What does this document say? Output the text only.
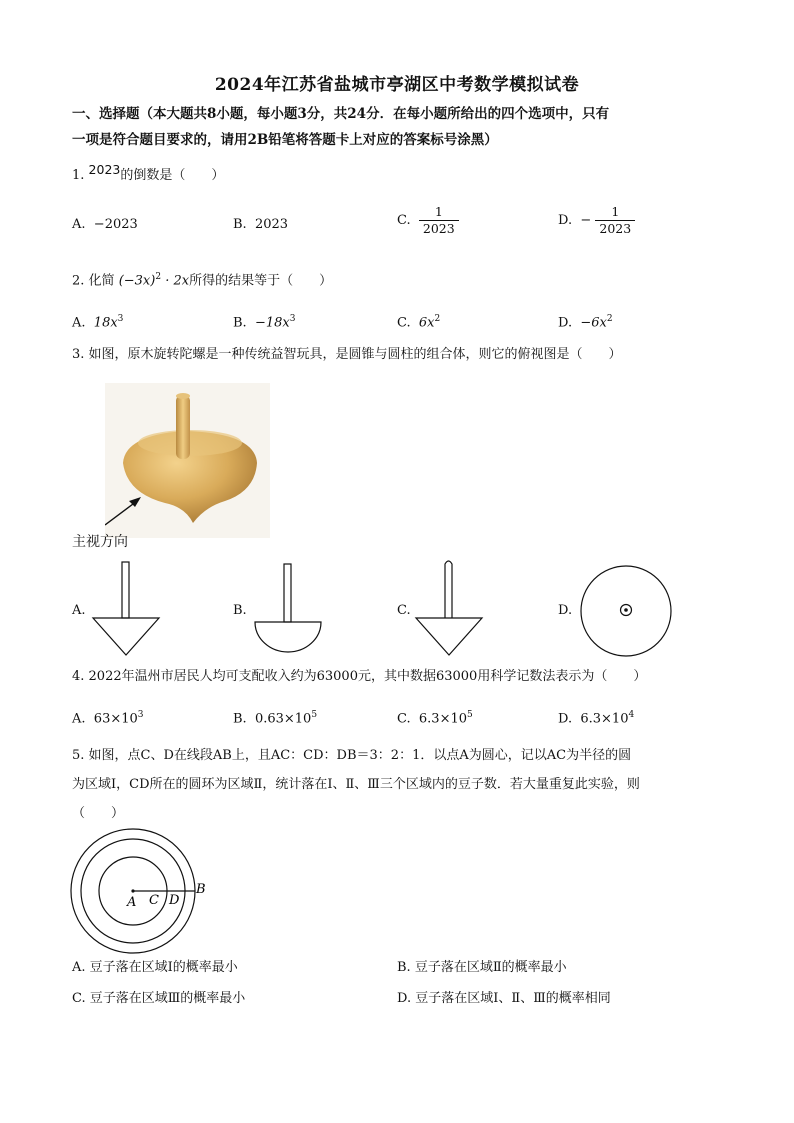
2024年江苏省盐城市亭湖区中考数学模拟试卷
一、选择题（本大题共8小题，每小题3分，共24分．在每小题所给出的四个选项中，只有
一项是符合题目要求的，请用2B铅笔将答题卡上对应的答案标号涂黑）
1. 2023的倒数是（　　）
A. −2023	B. 2023	C. $\frac{1}{2023}$	D. − $\frac{1}{2023}$
2. 化简 $(-3x)^2 \cdot 2x$所得的结果等于（　　）
A. $18x^3$	B. $-18x^3$	C. $6x^2$	D. $-6x^2$
3. 如图，原木旋转陀螺是一种传统益智玩具，是圆锥与圆柱的组合体，则它的俯视图是（　　）
主视方向
A.	B.	C.	D.
4. 2022年温州市居民人均可支配收入约为63000元，其中数据63000用科学记数法表示为（　　）
A. $63\times 10^3$	B. $0.63\times 10^5$	C. $6.3\times 10^5$	D. $6.3\times 10^4$
5. 如图，点C、D在线段AB上，且AC：CD：DB＝3：2：1．以点A为圆心，记以AC为半径的圆
为区域Ⅰ，CD所在的圆环为区域Ⅱ，统计落在Ⅰ、Ⅱ、Ⅲ三个区域内的豆子数．若大量重复此实验，则
（　　）
A C D
B
A. 豆子落在区域Ⅰ的概率最小	B. 豆子落在区域Ⅱ的概率最小
C. 豆子落在区域Ⅲ的概率最小	D. 豆子落在区域Ⅰ、Ⅱ、Ⅲ的概率相同
